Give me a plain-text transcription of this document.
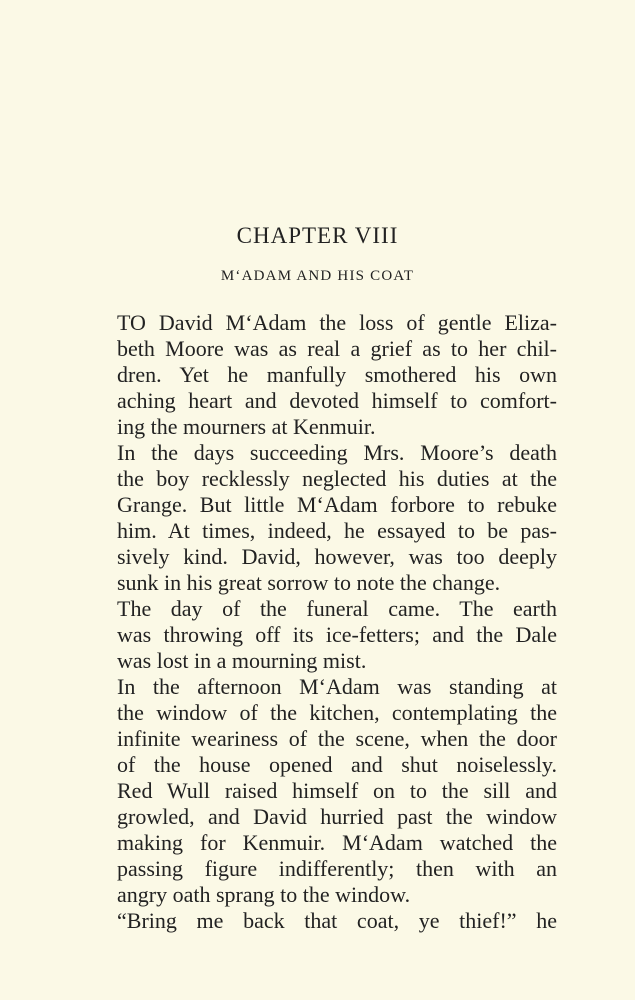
CHAPTER VIII
M‘ADAM AND HIS COAT
TO David M‘Adam the loss of gentle Eliza-
beth Moore was as real a grief as to her chil-
dren. Yet he manfully smothered his own
aching heart and devoted himself to comfort-
ing the mourners at Kenmuir.
In the days succeeding Mrs. Moore’s death
the boy recklessly neglected his duties at the
Grange. But little M‘Adam forbore to rebuke
him. At times, indeed, he essayed to be pas-
sively kind. David, however, was too deeply
sunk in his great sorrow to note the change.
The day of the funeral came. The earth
was throwing off its ice-fetters; and the Dale
was lost in a mourning mist.
In the afternoon M‘Adam was standing at
the window of the kitchen, contemplating the
infinite weariness of the scene, when the door
of the house opened and shut noiselessly.
Red Wull raised himself on to the sill and
growled, and David hurried past the window
making for Kenmuir. M‘Adam watched the
passing figure indifferently; then with an
angry oath sprang to the window.
“Bring me back that coat, ye thief!” he
